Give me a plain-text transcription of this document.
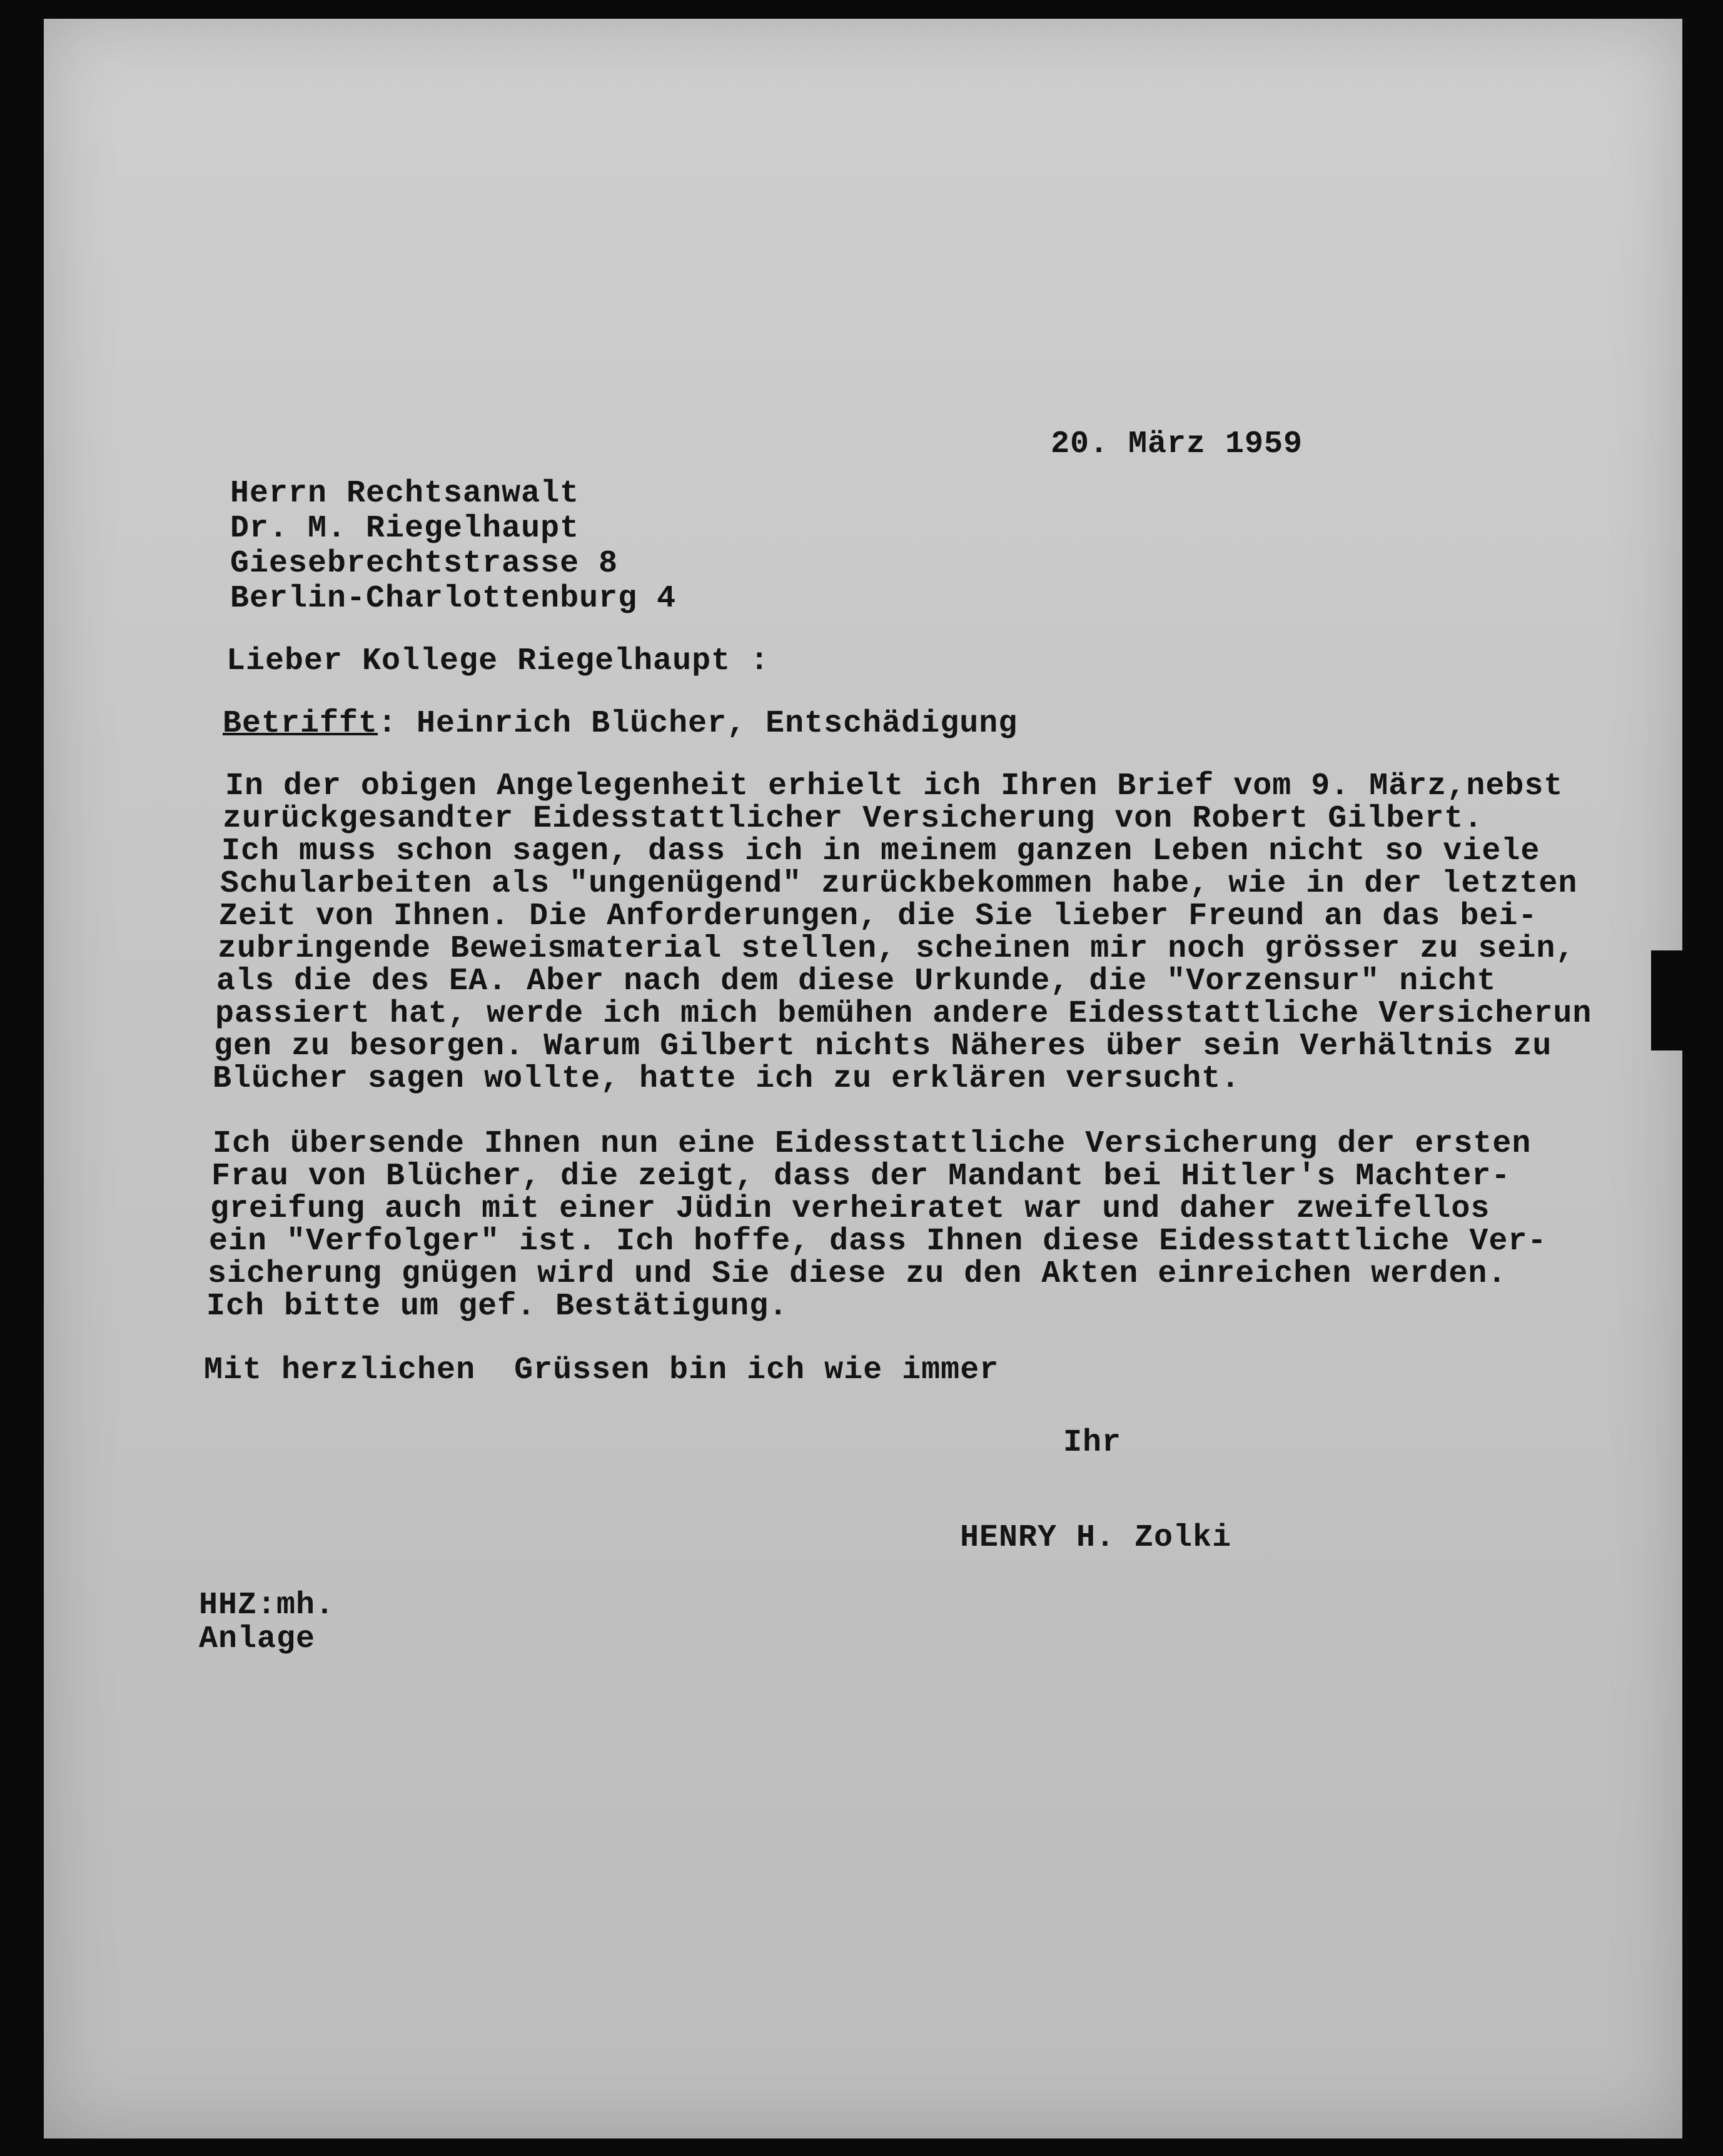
20. März 1959
Herrn Rechtsanwalt
Dr. M. Riegelhaupt
Giesebrechtstrasse 8
Berlin-Charlottenburg 4
Lieber Kollege Riegelhaupt :
Betrifft: Heinrich Blücher, Entschädigung
In der obigen Angelegenheit erhielt ich Ihren Brief vom 9. März,nebst
zurückgesandter Eidesstattlicher Versicherung von Robert Gilbert.
Ich muss schon sagen, dass ich in meinem ganzen Leben nicht so viele
Schularbeiten als "ungenügend" zurückbekommen habe, wie in der letzten
Zeit von Ihnen. Die Anforderungen, die Sie lieber Freund an das bei-
zubringende Beweismaterial stellen, scheinen mir noch grösser zu sein,
als die des EA. Aber nach dem diese Urkunde, die "Vorzensur" nicht
passiert hat, werde ich mich bemühen andere Eidesstattliche Versicherun
gen zu besorgen. Warum Gilbert nichts Näheres über sein Verhältnis zu
Blücher sagen wollte, hatte ich zu erklären versucht.
Ich übersende Ihnen nun eine Eidesstattliche Versicherung der ersten
Frau von Blücher, die zeigt, dass der Mandant bei Hitler's Machter-
greifung auch mit einer Jüdin verheiratet war und daher zweifellos
ein "Verfolger" ist. Ich hoffe, dass Ihnen diese Eidesstattliche Ver-
sicherung gnügen wird und Sie diese zu den Akten einreichen werden.
Ich bitte um gef. Bestätigung.
Mit herzlichen  Grüssen bin ich wie immer
Ihr
HENRY H. Zolki
HHZ:mh.
Anlage
